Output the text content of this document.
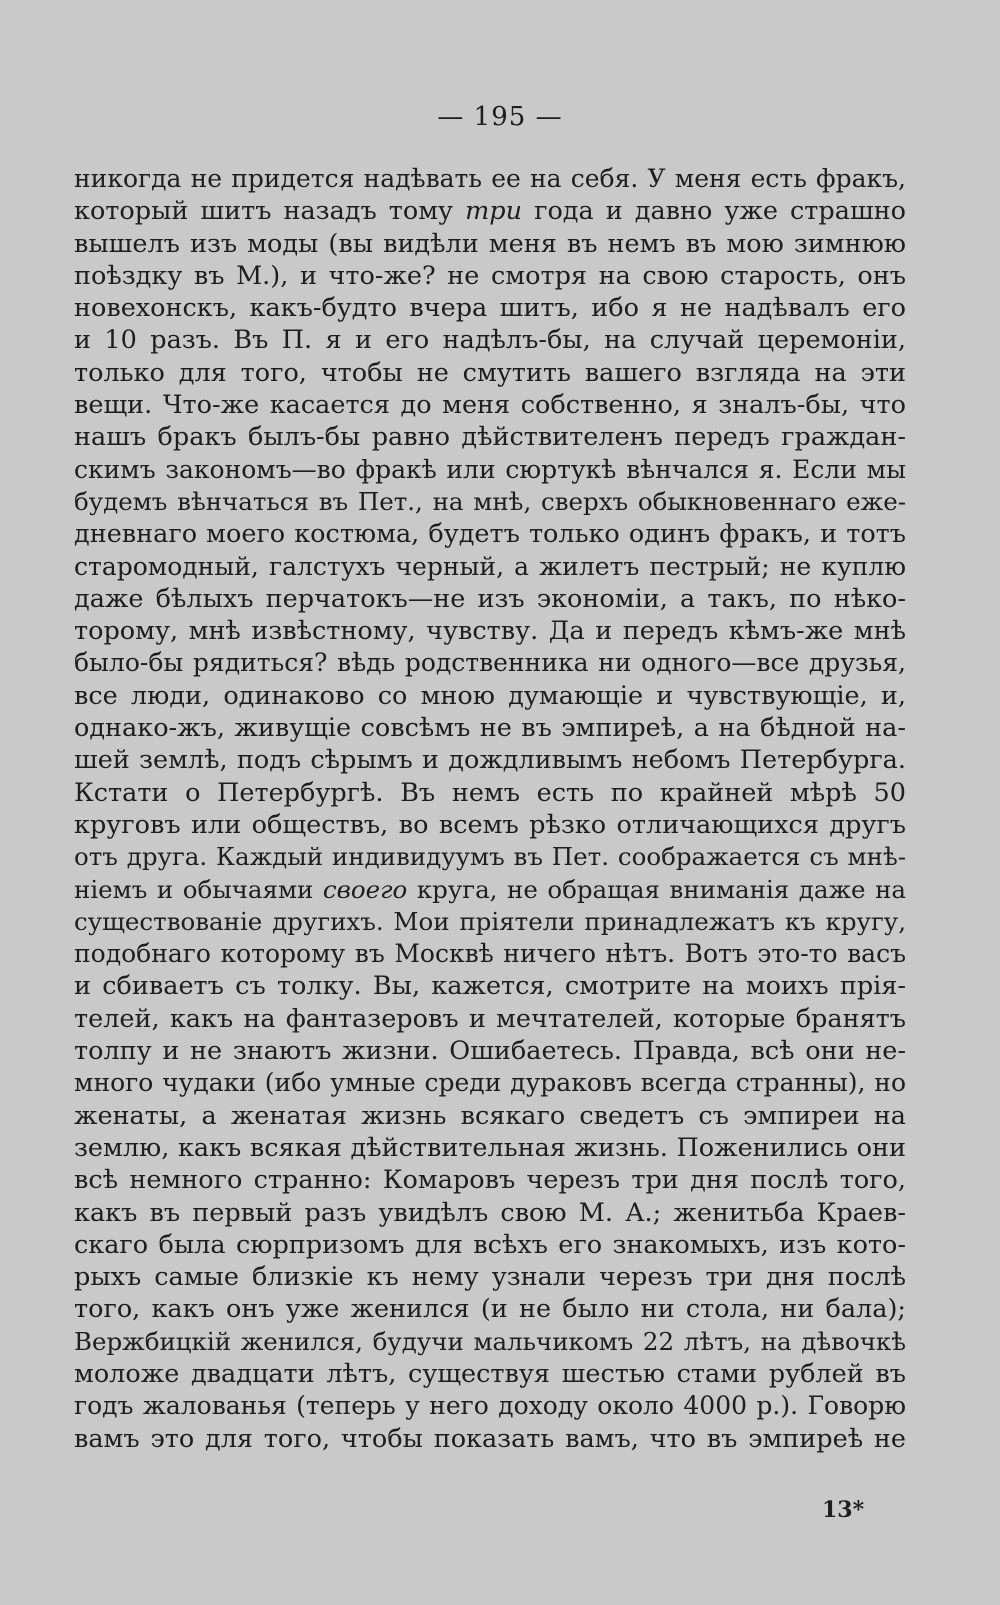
— 195 —
никогда не придется надѣвать ее на себя. У меня есть фракъ,
который шитъ назадъ тому три года и давно уже страшно
вышелъ изъ моды (вы видѣли меня въ немъ въ мою зимнюю
поѣздку въ М.), и что-же? не смотря на свою старость, онъ
новехонскъ, какъ-будто вчера шитъ, ибо я не надѣвалъ его
и 10 разъ. Въ П. я и его надѣлъ-бы, на случай церемоніи,
только для того, чтобы не смутить вашего взгляда на эти
вещи. Что-же касается до меня собственно, я зналъ-бы, что
нашъ бракъ былъ-бы равно дѣйствителенъ передъ граждан-
скимъ закономъ—во фракѣ или сюртукѣ вѣнчался я. Если мы
будемъ вѣнчаться въ Пет., на мнѣ, сверхъ обыкновеннаго еже-
дневнаго моего костюма, будетъ только одинъ фракъ, и тотъ
старомодный, галстухъ черный, а жилетъ пестрый; не куплю
даже бѣлыхъ перчатокъ—не изъ экономіи, а такъ, по нѣко-
торому, мнѣ извѣстному, чувству. Да и передъ кѣмъ-же мнѣ
было-бы рядиться? вѣдь родственника ни одного—все друзья,
все люди, одинаково со мною думающіе и чувствующіе, и,
однако-жъ, живущіе совсѣмъ не въ эмпиреѣ, а на бѣдной на-
шей землѣ, подъ сѣрымъ и дождливымъ небомъ Петербурга.
Кстати о Петербургѣ. Въ немъ есть по крайней мѣрѣ 50
круговъ или обществъ, во всемъ рѣзко отличающихся другъ
отъ друга. Каждый индивидуумъ въ Пет. соображается съ мнѣ-
ніемъ и обычаями своего круга, не обращая вниманія даже на
существованіе другихъ. Мои пріятели принадлежатъ къ кругу,
подобнаго которому въ Москвѣ ничего нѣтъ. Вотъ это-то васъ
и сбиваетъ съ толку. Вы, кажется, смотрите на моихъ прія-
телей, какъ на фантазеровъ и мечтателей, которые бранятъ
толпу и не знаютъ жизни. Ошибаетесь. Правда, всѣ они не-
много чудаки (ибо умные среди дураковъ всегда странны), но
женаты, а женатая жизнь всякаго сведетъ съ эмпиреи на
землю, какъ всякая дѣйствительная жизнь. Поженились они
всѣ немного странно: Комаровъ черезъ три дня послѣ того,
какъ въ первый разъ увидѣлъ свою М. А.; женитьба Краев-
скаго была сюрпризомъ для всѣхъ его знакомыхъ, изъ кото-
рыхъ самые близкіе къ нему узнали черезъ три дня послѣ
того, какъ онъ уже женился (и не было ни стола, ни бала);
Вержбицкій женился, будучи мальчикомъ 22 лѣтъ, на дѣвочкѣ
моложе двадцати лѣтъ, существуя шестью стами рублей въ
годъ жалованья (теперь у него доходу около 4000 р.). Говорю
вамъ это для того, чтобы показать вамъ, что въ эмпиреѣ не
13*
